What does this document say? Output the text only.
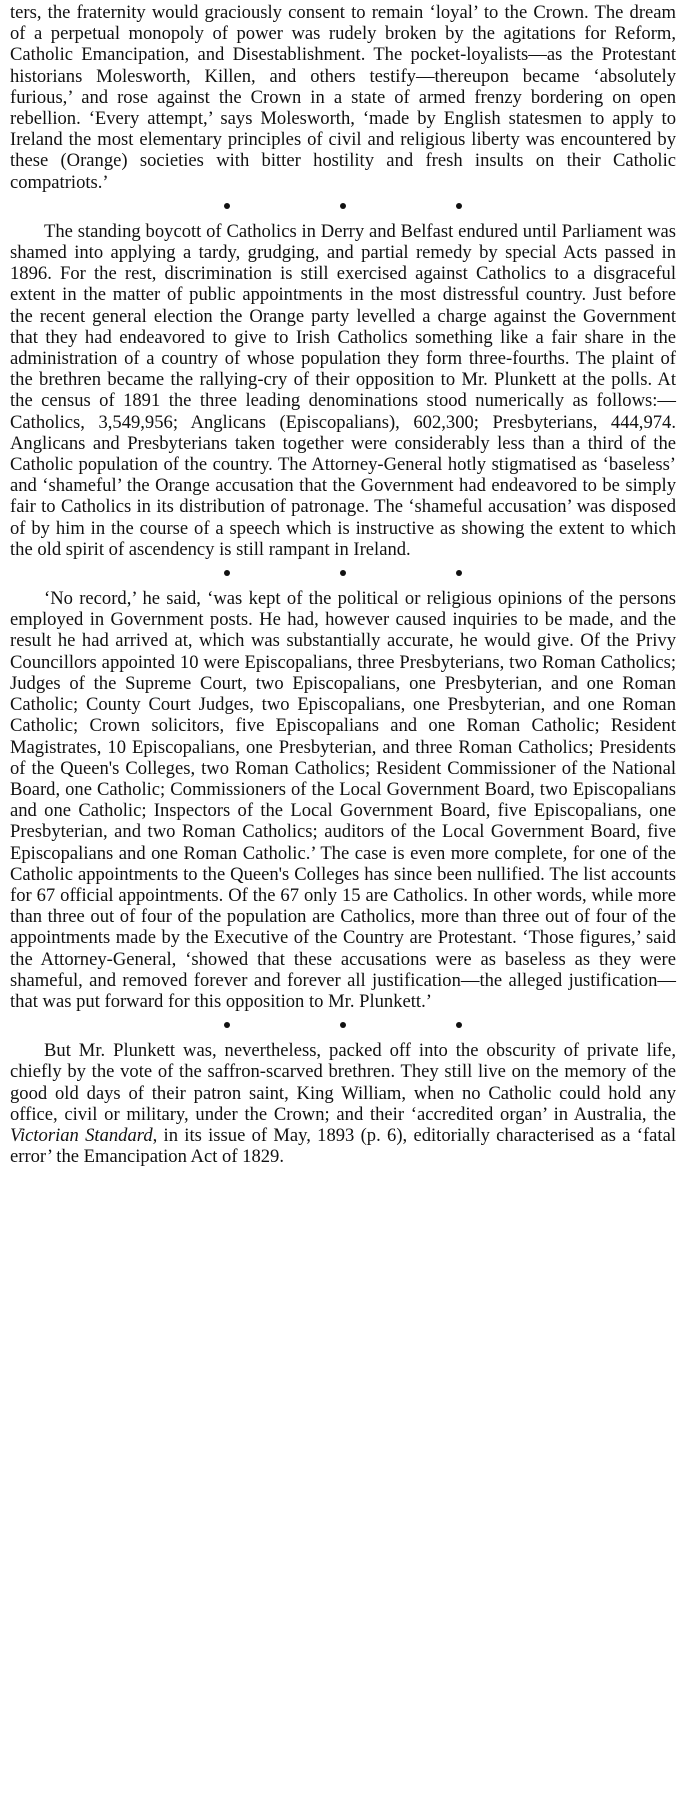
ters, the fraternity would graciously consent to remain ‘loyal’ to the Crown. The dream of a perpetual monopoly of power was rudely broken by the agitations for Reform, Catholic Emancipation, and Disestablishment. The pocket-loyalists—as the Protestant historians Molesworth, Killen, and others testify—thereupon became ‘absolutely furious,’ and rose against the Crown in a state of armed frenzy bordering on open rebellion. ‘Every attempt,’ says Molesworth, ‘made by English statesmen to apply to Ireland the most elementary principles of civil and religious liberty was encountered by these (Orange) societies with bitter hostility and fresh insults on their Catholic compatriots.’

The standing boycott of Catholics in Derry and Belfast endured until Parliament was shamed into applying a tardy, grudging, and partial remedy by special Acts passed in 1896. For the rest, discrimination is still exercised against Catholics to a disgraceful extent in the matter of public appointments in the most distressful country. Just before the recent general election the Orange party levelled a charge against the Government that they had endeavored to give to Irish Catholics something like a fair share in the administration of a country of whose population they form three-fourths. The plaint of the brethren became the rallying-cry of their opposition to Mr. Plunkett at the polls. At the census of 1891 the three leading denominations stood numerically as follows:—Catholics, 3,549,956; Anglicans (Episcopalians), 602,300; Presbyterians, 444,974. Anglicans and Presbyterians taken together were considerably less than a third of the Catholic population of the country. The Attorney-General hotly stigmatised as ‘baseless’ and ‘shameful’ the Orange accusation that the Government had endeavored to be simply fair to Catholics in its distribution of patronage. The ‘shameful accusation’ was disposed of by him in the course of a speech which is instructive as showing the extent to which the old spirit of ascendency is still rampant in Ireland.

‘No record,’ he said, ‘was kept of the political or religious opinions of the persons employed in Government posts. He had, however caused inquiries to be made, and the result he had arrived at, which was substantially accurate, he would give. Of the Privy Councillors appointed 10 were Episcopalians, three Presbyterians, two Roman Catholics; Judges of the Supreme Court, two Episcopalians, one Presbyterian, and one Roman Catholic; County Court Judges, two Episcopalians, one Presbyterian, and one Roman Catholic; Crown solicitors, five Episcopalians and one Roman Catholic; Resident Magistrates, 10 Episcopalians, one Presbyterian, and three Roman Catholics; Presidents of the Queen's Colleges, two Roman Catholics; Resident Commissioner of the National Board, one Catholic; Commissioners of the Local Government Board, two Episcopalians and one Catholic; Inspectors of the Local Government Board, five Episcopalians, one Presbyterian, and two Roman Catholics; auditors of the Local Government Board, five Episcopalians and one Roman Catholic.’ The case is even more complete, for one of the Catholic appointments to the Queen's Colleges has since been nullified. The list accounts for 67 official appointments. Of the 67 only 15 are Catholics. In other words, while more than three out of four of the population are Catholics, more than three out of four of the appointments made by the Executive of the Country are Protestant. ‘Those figures,’ said the Attorney-General, ‘showed that these accusations were as baseless as they were shameful, and removed forever and forever all justification—the alleged justification—that was put forward for this opposition to Mr. Plunkett.’

But Mr. Plunkett was, nevertheless, packed off into the obscurity of private life, chiefly by the vote of the saffron-scarved brethren. They still live on the memory of the good old days of their patron saint, King William, when no Catholic could hold any office, civil or military, under the Crown; and their ‘accredited organ’ in Australia, the Victorian Standard, in its issue of May, 1893 (p. 6), editorially characterised as a ‘fatal error’ the Emancipation Act of 1829.
